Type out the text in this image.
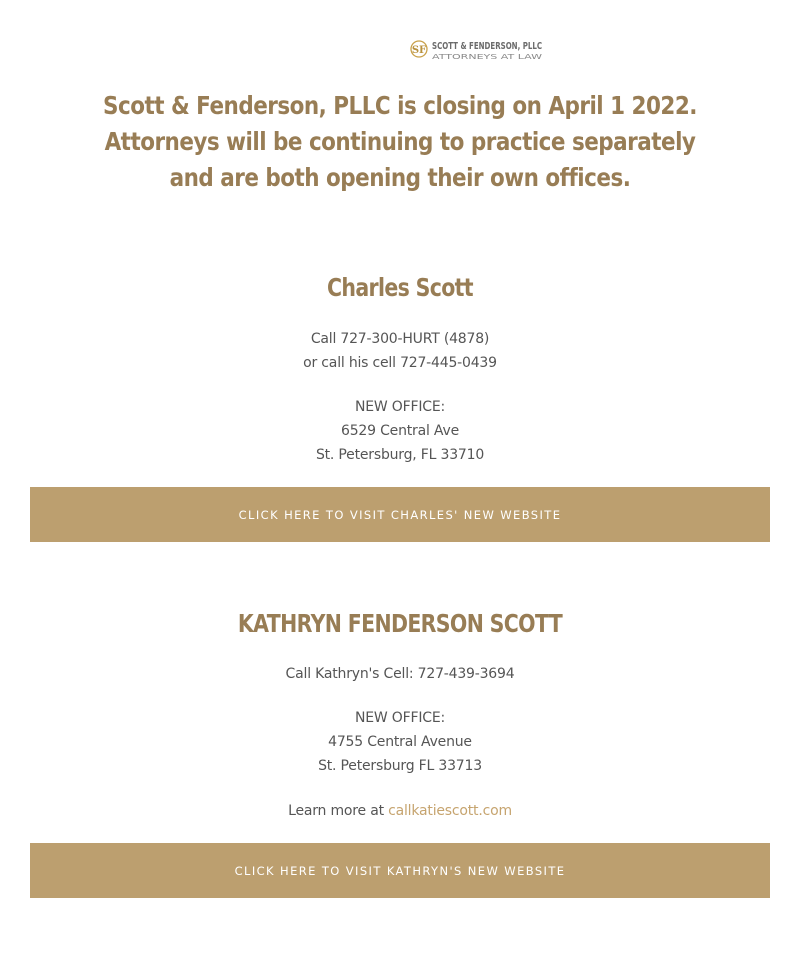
SF SCOTT & FENDERSON, PLLC
ATTORNEYS AT LAW
Scott & Fenderson, PLLC is closing on April 1 2022. Attorneys will be continuing to practice separately and are both opening their own offices.
Charles Scott
Call 727-300-HURT (4878)
or call his cell 727-445-0439
NEW OFFICE:
6529 Central Ave
St. Petersburg, FL 33710
CLICK HERE TO VISIT CHARLES' NEW WEBSITE
KATHRYN FENDERSON SCOTT
Call Kathryn's Cell: 727-439-3694
NEW OFFICE:
4755 Central Avenue
St. Petersburg FL 33713
Learn more at callkatiescott.com
CLICK HERE TO VISIT KATHRYN'S NEW WEBSITE
